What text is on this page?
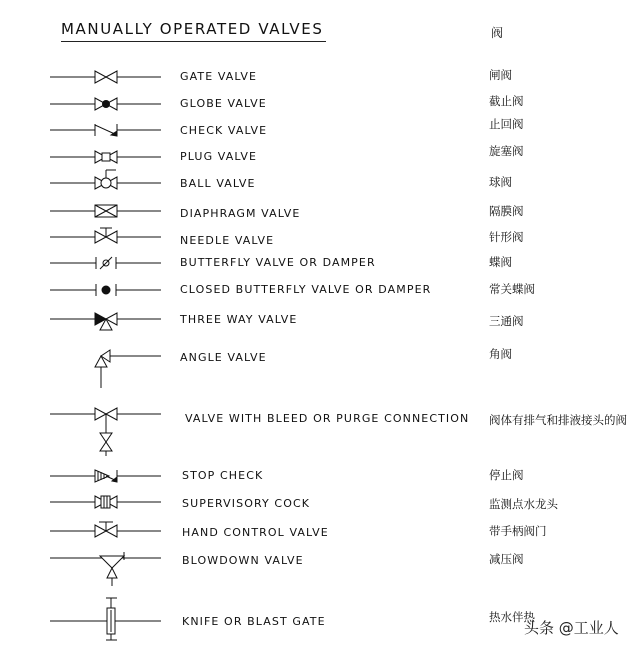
MANUALLY OPERATED VALVES	阀
GATE VALVE
GLOBE VALVE
CHECK VALVE
PLUG VALVE
BALL VALVE
DIAPHRAGM VALVE
NEEDLE VALVE
BUTTERFLY VALVE OR DAMPER
CLOSED BUTTERFLY VALVE OR DAMPER
THREE WAY VALVE
ANGLE VALVE
VALVE WITH BLEED OR PURGE CONNECTION
STOP CHECK
SUPERVISORY COCK
HAND CONTROL VALVE
BLOWDOWN VALVE
KNIFE OR BLAST GATE
闸阀
截止阀
止回阀
旋塞阀
球阀
隔膜阀
针形阀
蝶阀
常关蝶阀
三通阀
角阀
阀体有排气和排液接头的阀
停止阀
监测点水龙头
带手柄阀门
减压阀
热水伴热
头条 @工业人
